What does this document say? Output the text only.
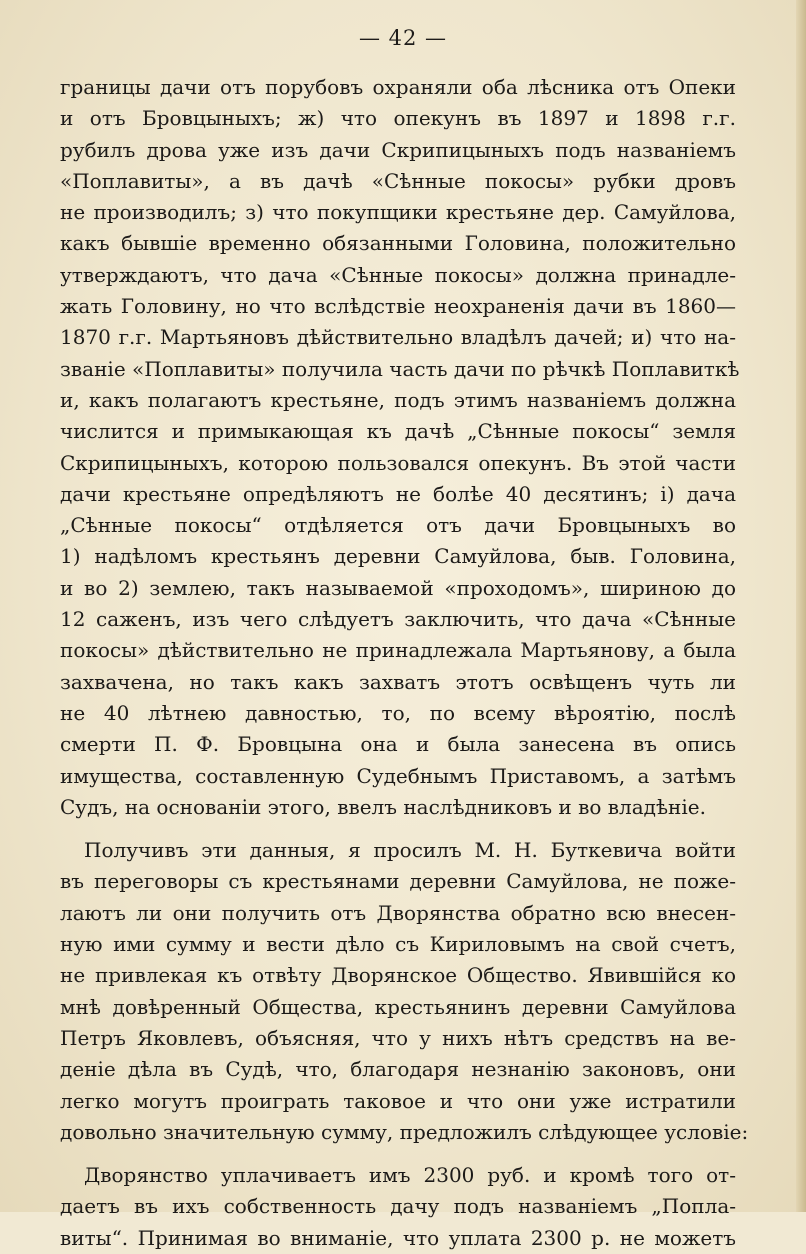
— 42 —
границы дачи отъ порубовъ охраняли оба лѣсника отъ Опеки
и отъ Бровцыныхъ; ж) что опекунъ въ 1897 и 1898 г.г.
рубилъ дрова уже изъ дачи Скрипицыныхъ подъ названіемъ
«Поплавиты», а въ дачѣ «Сѣнные покосы» рубки дровъ
не производилъ; з) что покупщики крестьяне дер. Самуйлова,
какъ бывшіе временно обязанными Головина, положительно
утверждаютъ, что дача «Сѣнные покосы» должна принадле-
жать Головину, но что вслѣдствіе неохраненія дачи въ 1860—
1870 г.г. Мартьяновъ дѣйствительно владѣлъ дачей; и) что на-
званіе «Поплавиты» получила часть дачи по рѣчкѣ Поплавиткѣ
и, какъ полагаютъ крестьяне, подъ этимъ названіемъ должна
числится и примыкающая къ дачѣ „Сѣнные покосы“ земля
Скрипицыныхъ, которою пользовался опекунъ. Въ этой части
дачи крестьяне опредѣляютъ не болѣе 40 десятинъ; і) дача
„Сѣнные покосы“ отдѣляется отъ дачи Бровцыныхъ во
1) надѣломъ крестьянъ деревни Самуйлова, быв. Головина,
и во 2) землею, такъ называемой «проходомъ», шириною до
12 саженъ, изъ чего слѣдуетъ заключить, что дача «Сѣнные
покосы» дѣйствительно не принадлежала Мартьянову, а была
захвачена, но такъ какъ захватъ этотъ освѣщенъ чуть ли
не 40 лѣтнею давностью, то, по всему вѣроятію, послѣ
смерти П. Ф. Бровцына она и была занесена въ опись
имущества, составленную Судебнымъ Приставомъ, а затѣмъ
Судъ, на основаніи этого, ввелъ наслѣдниковъ и во владѣніе.
Получивъ эти данныя, я просилъ М. Н. Буткевича войти
въ переговоры съ крестьянами деревни Самуйлова, не поже-
лаютъ ли они получить отъ Дворянства обратно всю внесен-
ную ими сумму и вести дѣло съ Кириловымъ на свой счетъ,
не привлекая къ отвѣту Дворянское Общество. Явившійся ко
мнѣ довѣренный Общества, крестьянинъ деревни Самуйлова
Петръ Яковлевъ, объясняя, что у нихъ нѣтъ средствъ на ве-
деніе дѣла въ Судѣ, что, благодаря незнанію законовъ, они
легко могутъ проиграть таковое и что они уже истратили
довольно значительную сумму, предложилъ слѣдующее условіе:
Дворянство уплачиваетъ имъ 2300 руб. и кромѣ того от-
даетъ въ ихъ собственность дачу подъ названіемъ „Попла-
виты“. Принимая во вниманіе, что уплата 2300 р. не можетъ
